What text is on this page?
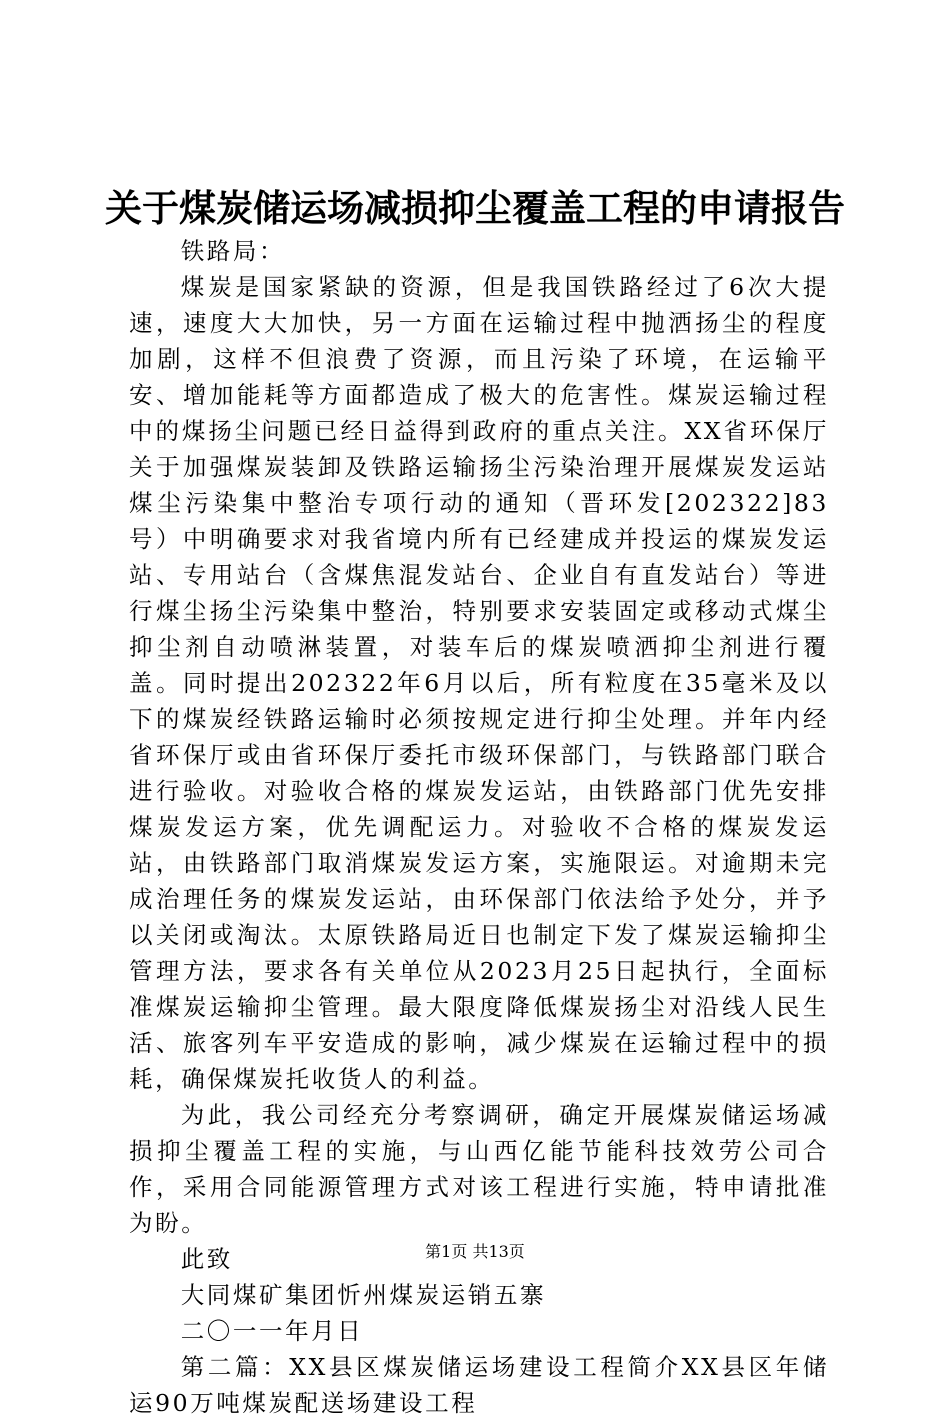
关于煤炭储运场减损抑尘覆盖工程的申请报告

铁路局：

煤炭是国家紧缺的资源，但是我国铁路经过了6次大提速，速度大大加快，另一方面在运输过程中抛洒扬尘的程度加剧，这样不但浪费了资源，而且污染了环境，在运输平安、增加能耗等方面都造成了极大的危害性。煤炭运输过程中的煤扬尘问题已经日益得到政府的重点关注。XX省环保厅关于加强煤炭装卸及铁路运输扬尘污染治理开展煤炭发运站煤尘污染集中整治专项行动的通知（晋环发[202322]83号）中明确要求对我省境内所有已经建成并投运的煤炭发运站、专用站台（含煤焦混发站台、企业自有直发站台）等进行煤尘扬尘污染集中整治，特别要求安装固定或移动式煤尘抑尘剂自动喷淋装置，对装车后的煤炭喷洒抑尘剂进行覆盖。同时提出202322年6月以后，所有粒度在35毫米及以下的煤炭经铁路运输时必须按规定进行抑尘处理。并年内经省环保厅或由省环保厅委托市级环保部门，与铁路部门联合进行验收。对验收合格的煤炭发运站，由铁路部门优先安排煤炭发运方案，优先调配运力。对验收不合格的煤炭发运站，由铁路部门取消煤炭发运方案，实施限运。对逾期未完成治理任务的煤炭发运站，由环保部门依法给予处分，并予以关闭或淘汰。太原铁路局近日也制定下发了煤炭运输抑尘管理方法，要求各有关单位从2023月25日起执行，全面标准煤炭运输抑尘管理。最大限度降低煤炭扬尘对沿线人民生活、旅客列车平安造成的影响，减少煤炭在运输过程中的损耗，确保煤炭托收货人的利益。

为此，我公司经充分考察调研，确定开展煤炭储运场减损抑尘覆盖工程的实施，与山西亿能节能科技效劳公司合作，采用合同能源管理方式对该工程进行实施，特申请批准为盼。

此致

大同煤矿集团忻州煤炭运销五寨

二〇一一年月日

第二篇：XX县区煤炭储运场建设工程简介XX县区年储运90万吨煤炭配送场建设工程

第1页 共13页
